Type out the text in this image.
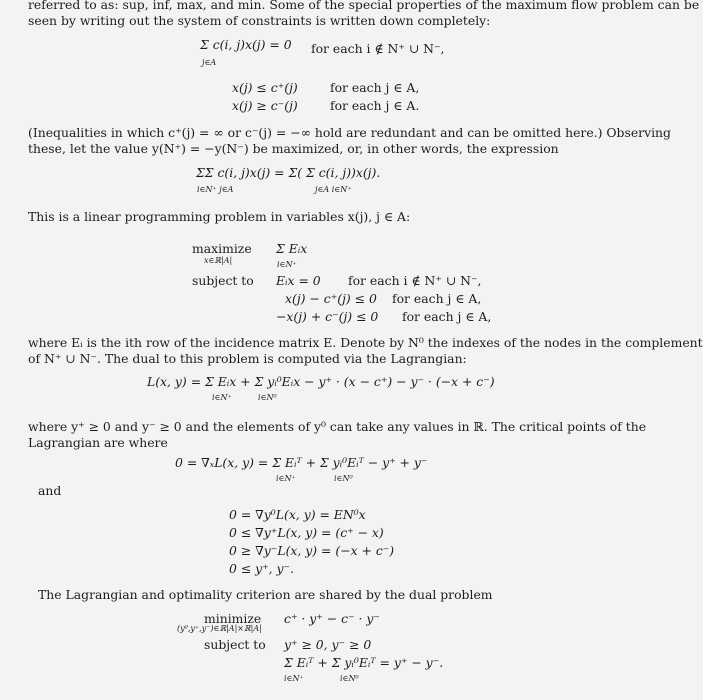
referred to as: sup, inf, max, and min. Some of the special properties of the maximum flow problem can be
seen by writing out the system of constraints is written down completely:
Σ c(i, j)x(j) = 0
j∈A
for each i ∉ N⁺ ∪ N⁻,
x(j) ≤ c⁺(j)	for each j ∈ A,
x(j) ≥ c⁻(j)	for each j ∈ A.
(Inequalities in which c⁺(j) = ∞ or c⁻(j) = −∞ hold are redundant and can be omitted here.) Observing
these, let the value y(N⁺) = −y(N⁻) be maximized, or, in other words, the expression
ΣΣ c(i, j)x(j) = Σ( Σ c(i, j))x(j).
i∈N⁺ j∈A	j∈A i∈N⁺
This is a linear programming problem in variables x(j), j ∈ A:
maximize
x∈ℝ|A|
Σ Eᵢx
i∈N⁺
subject to Eᵢx = 0 for each i ∉ N⁺ ∪ N⁻,
x(j) − c⁺(j) ≤ 0 for each j ∈ A,
−x(j) + c⁻(j) ≤ 0 for each j ∈ A,
where Eᵢ is the ith row of the incidence matrix E. Denote by N⁰ the indexes of the nodes in the complement
of N⁺ ∪ N⁻. The dual to this problem is computed via the Lagrangian:
L(x, y) = Σ Eᵢx + Σ yᵢ⁰Eᵢx − y⁺ · (x − c⁺) − y⁻ · (−x + c⁻)
i∈N⁺	i∈N⁰
where y⁺ ≥ 0 and y⁻ ≥ 0 and the elements of y⁰ can take any values in ℝ. The critical points of the
Lagrangian are where
0 = ∇ₓL(x, y) = Σ Eᵢᵀ + Σ yᵢ⁰Eᵢᵀ − y⁺ + y⁻
i∈N⁺	i∈N⁰
and
0 = ∇y⁰L(x, y) = EN⁰x
0 ≤ ∇y⁺L(x, y) = (c⁺ − x)
0 ≥ ∇y⁻L(x, y) = (−x + c⁻)
0 ≤ y⁺, y⁻.
The Lagrangian and optimality criterion are shared by the dual problem
minimize
(y⁰,y⁺,y⁻)∈ℝ|A|×ℝ|A|
c⁺ · y⁺ − c⁻ · y⁻
subject to y⁺ ≥ 0, y⁻ ≥ 0
Σ Eᵢᵀ + Σ yᵢ⁰Eᵢᵀ = y⁺ − y⁻.
i∈N⁺	i∈N⁰
